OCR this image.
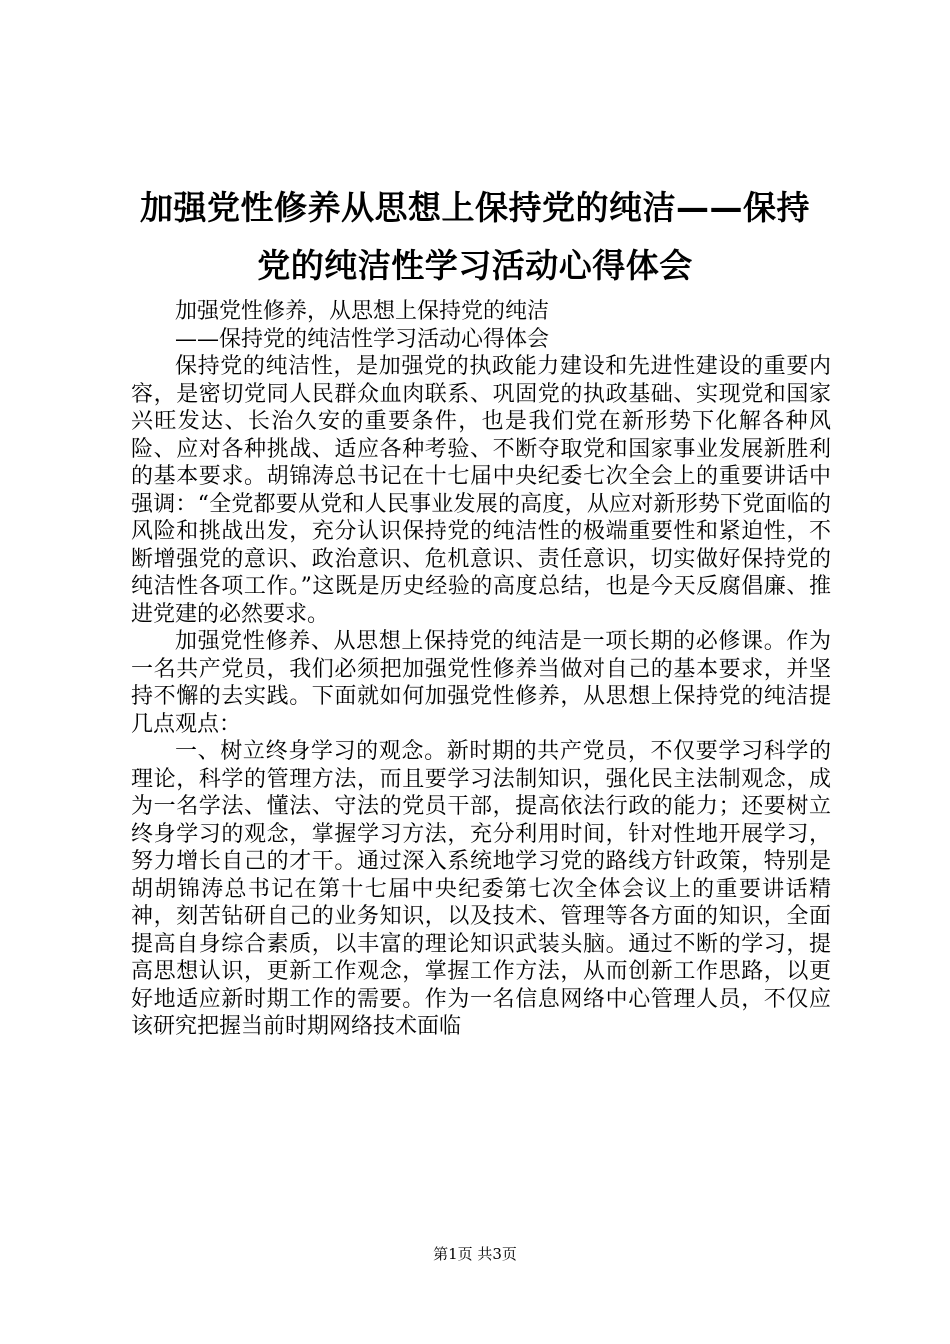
加强党性修养从思想上保持党的纯洁——保持
党的纯洁性学习活动心得体会

加强党性修养，从思想上保持党的纯洁

——保持党的纯洁性学习活动心得体会

保持党的纯洁性，是加强党的执政能力建设和先进性建设的重要内容，是密切党同人民群众血肉联系、巩固党的执政基础、实现党和国家兴旺发达、长治久安的重要条件，也是我们党在新形势下化解各种风险、应对各种挑战、适应各种考验、不断夺取党和国家事业发展新胜利的基本要求。胡锦涛总书记在十七届中央纪委七次全会上的重要讲话中强调：“全党都要从党和人民事业发展的高度，从应对新形势下党面临的风险和挑战出发，充分认识保持党的纯洁性的极端重要性和紧迫性，不断增强党的意识、政治意识、危机意识、责任意识，切实做好保持党的纯洁性各项工作。”这既是历史经验的高度总结，也是今天反腐倡廉、推进党建的必然要求。

加强党性修养、从思想上保持党的纯洁是一项长期的必修课。作为一名共产党员，我们必须把加强党性修养当做对自己的基本要求，并坚持不懈的去实践。下面就如何加强党性修养，从思想上保持党的纯洁提几点观点：

一、树立终身学习的观念。新时期的共产党员，不仅要学习科学的理论，科学的管理方法，而且要学习法制知识，强化民主法制观念，成为一名学法、懂法、守法的党员干部，提高依法行政的能力；还要树立终身学习的观念，掌握学习方法，充分利用时间，针对性地开展学习，努力增长自己的才干。通过深入系统地学习党的路线方针政策，特别是胡胡锦涛总书记在第十七届中央纪委第七次全体会议上的重要讲话精神，刻苦钻研自己的业务知识，以及技术、管理等各方面的知识，全面提高自身综合素质，以丰富的理论知识武装头脑。通过不断的学习，提高思想认识，更新工作观念，掌握工作方法，从而创新工作思路，以更好地适应新时期工作的需要。作为一名信息网络中心管理人员，不仅应该研究把握当前时期网络技术面临

第1页 共3页
